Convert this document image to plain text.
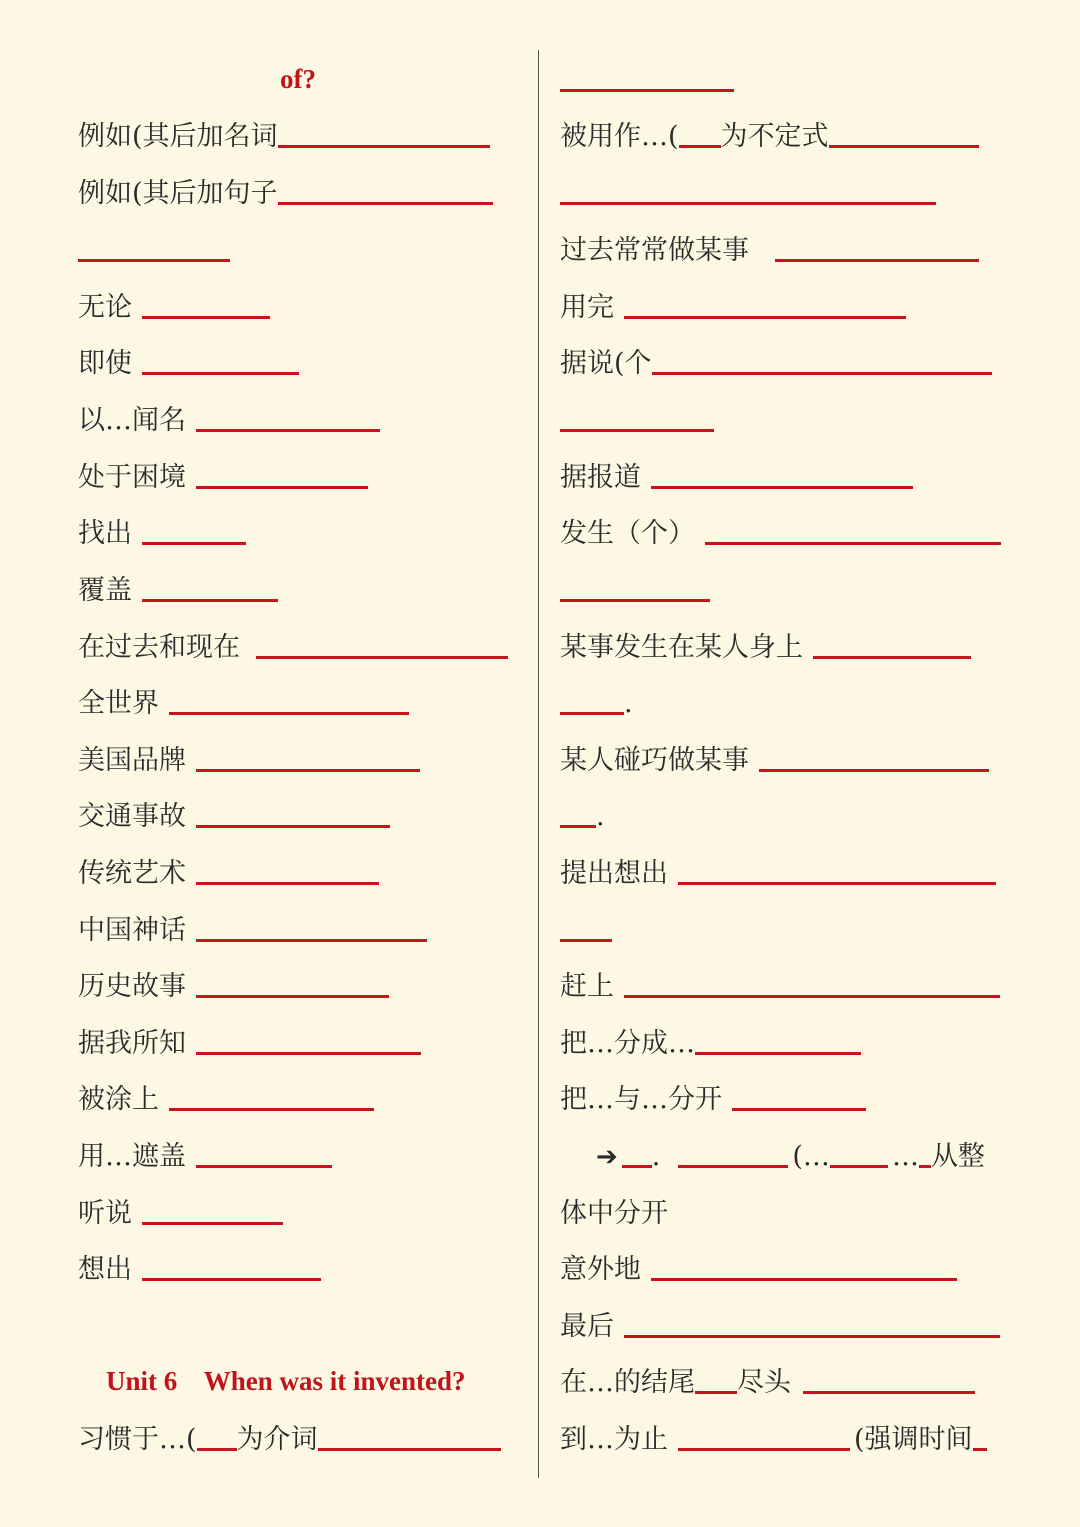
of?
例如(其后加名词
例如(其后加句子
无论
即使
以…闻名
处于困境
找出
覆盖
在过去和现在
全世界
美国品牌
交通事故
传统艺术
中国神话
历史故事
据我所知
被涂上
用…遮盖
听说
想出
Unit 6    When was it invented?
习惯于…( 为介词
被用作…( 为不定式
过去常常做某事
用完
据说(个
据报道
发生（个）
某事发生在某人身上
.
某人碰巧做某事
.
提出想出
赶上
把…分成…
把…与…分开
➔ .	(… … 从整
体中分开
意外地
最后
在…的结尾 尽头
到…为止	(强调时间
